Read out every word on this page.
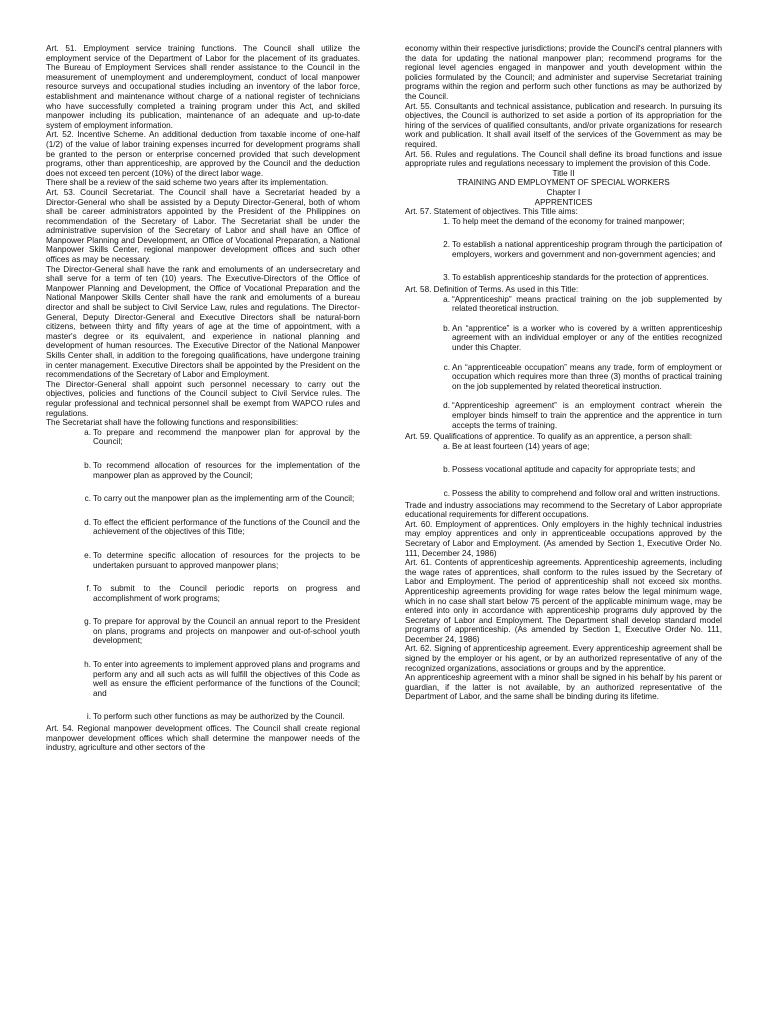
Art. 51. Employment service training functions. The Council shall utilize the employment service of the Department of Labor for the placement of its graduates. The Bureau of Employment Services shall render assistance to the Council in the measurement of unemployment and underemployment, conduct of local manpower resource surveys and occupational studies including an inventory of the labor force, establishment and maintenance without charge of a national register of technicians who have successfully completed a training program under this Act, and skilled manpower including its publication, maintenance of an adequate and up-to-date system of employment information.

Art. 52. Incentive Scheme. An additional deduction from taxable income of one-half (1/2) of the value of labor training expenses incurred for development programs shall be granted to the person or enterprise concerned provided that such development programs, other than apprenticeship, are approved by the Council and the deduction does not exceed ten percent (10%) of the direct labor wage.

There shall be a review of the said scheme two years after its implementation.

Art. 53. Council Secretariat. The Council shall have a Secretariat headed by a Director-General who shall be assisted by a Deputy Director-General, both of whom shall be career administrators appointed by the President of the Philippines on recommendation of the Secretary of Labor. The Secretariat shall be under the administrative supervision of the Secretary of Labor and shall have an Office of Manpower Planning and Development, an Office of Vocational Preparation, a National Manpower Skills Center, regional manpower development offices and such other offices as may be necessary.

The Director-General shall have the rank and emoluments of an undersecretary and shall serve for a term of ten (10) years. The Executive-Directors of the Office of Manpower Planning and Development, the Office of Vocational Preparation and the National Manpower Skills Center shall have the rank and emoluments of a bureau director and shall be subject to Civil Service Law, rules and regulations. The Director-General, Deputy Director-General and Executive Directors shall be natural-born citizens, between thirty and fifty years of age at the time of appointment, with a master's degree or its equivalent, and experience in national planning and development of human resources. The Executive Director of the National Manpower Skills Center shall, in addition to the foregoing qualifications, have undergone training in center management. Executive Directors shall be appointed by the President on the recommendations of the Secretary of Labor and Employment.

The Director-General shall appoint such personnel necessary to carry out the objectives, policies and functions of the Council subject to Civil Service rules. The regular professional and technical personnel shall be exempt from WAPCO rules and regulations.

The Secretariat shall have the following functions and responsibilities:

a. To prepare and recommend the manpower plan for approval by the Council;
b. To recommend allocation of resources for the implementation of the manpower plan as approved by the Council;
c. To carry out the manpower plan as the implementing arm of the Council;
d. To effect the efficient performance of the functions of the Council and the achievement of the objectives of this Title;
e. To determine specific allocation of resources for the projects to be undertaken pursuant to approved manpower plans;
f. To submit to the Council periodic reports on progress and accomplishment of work programs;
g. To prepare for approval by the Council an annual report to the President on plans, programs and projects on manpower and out-of-school youth development;
h. To enter into agreements to implement approved plans and programs and perform any and all such acts as will fulfill the objectives of this Code as well as ensure the efficient performance of the functions of the Council; and
i. To perform such other functions as may be authorized by the Council.

Art. 54. Regional manpower development offices. The Council shall create regional manpower development offices which shall determine the manpower needs of the industry, agriculture and other sectors of the

economy within their respective jurisdictions; provide the Council's central planners with the data for updating the national manpower plan; recommend programs for the regional level agencies engaged in manpower and youth development within the policies formulated by the Council; and administer and supervise Secretariat training programs within the region and perform such other functions as may be authorized by the Council.

Art. 55. Consultants and technical assistance, publication and research. In pursuing its objectives, the Council is authorized to set aside a portion of its appropriation for the hiring of the services of qualified consultants, and/or private organizations for research work and publication. It shall avail itself of the services of the Government as may be required.

Art. 56. Rules and regulations. The Council shall define its broad functions and issue appropriate rules and regulations necessary to implement the provision of this Code.

Title II

TRAINING AND EMPLOYMENT OF SPECIAL WORKERS

Chapter I

APPRENTICES

Art. 57. Statement of objectives. This Title aims:

1. To help meet the demand of the economy for trained manpower;
2. To establish a national apprenticeship program through the participation of employers, workers and government and non-government agencies; and
3. To establish apprenticeship standards for the protection of apprentices.

Art. 58. Definition of Terms. As used in this Title:

a. “Apprenticeship” means practical training on the job supplemented by related theoretical instruction.
b. An “apprentice” is a worker who is covered by a written apprenticeship agreement with an individual employer or any of the entities recognized under this Chapter.
c. An “apprenticeable occupation” means any trade, form of employment or occupation which requires more than three (3) months of practical training on the job supplemented by related theoretical instruction.
d. “Apprenticeship agreement” is an employment contract wherein the employer binds himself to train the apprentice and the apprentice in turn accepts the terms of training.

Art. 59. Qualifications of apprentice. To qualify as an apprentice, a person shall:

a. Be at least fourteen (14) years of age;
b. Possess vocational aptitude and capacity for appropriate tests; and
c. Possess the ability to comprehend and follow oral and written instructions.

Trade and industry associations may recommend to the Secretary of Labor appropriate educational requirements for different occupations.

Art. 60. Employment of apprentices. Only employers in the highly technical industries may employ apprentices and only in apprenticeable occupations approved by the Secretary of Labor and Employment. (As amended by Section 1, Executive Order No. 111, December 24, 1986)

Art. 61. Contents of apprenticeship agreements. Apprenticeship agreements, including the wage rates of apprentices, shall conform to the rules issued by the Secretary of Labor and Employment. The period of apprenticeship shall not exceed six months. Apprenticeship agreements providing for wage rates below the legal minimum wage, which in no case shall start below 75 percent of the applicable minimum wage, may be entered into only in accordance with apprenticeship programs duly approved by the Secretary of Labor and Employment. The Department shall develop standard model programs of apprenticeship. (As amended by Section 1, Executive Order No. 111, December 24, 1986)

Art. 62. Signing of apprenticeship agreement. Every apprenticeship agreement shall be signed by the employer or his agent, or by an authorized representative of any of the recognized organizations, associations or groups and by the apprentice.

An apprenticeship agreement with a minor shall be signed in his behalf by his parent or guardian, if the latter is not available, by an authorized representative of the Department of Labor, and the same shall be binding during its lifetime.
